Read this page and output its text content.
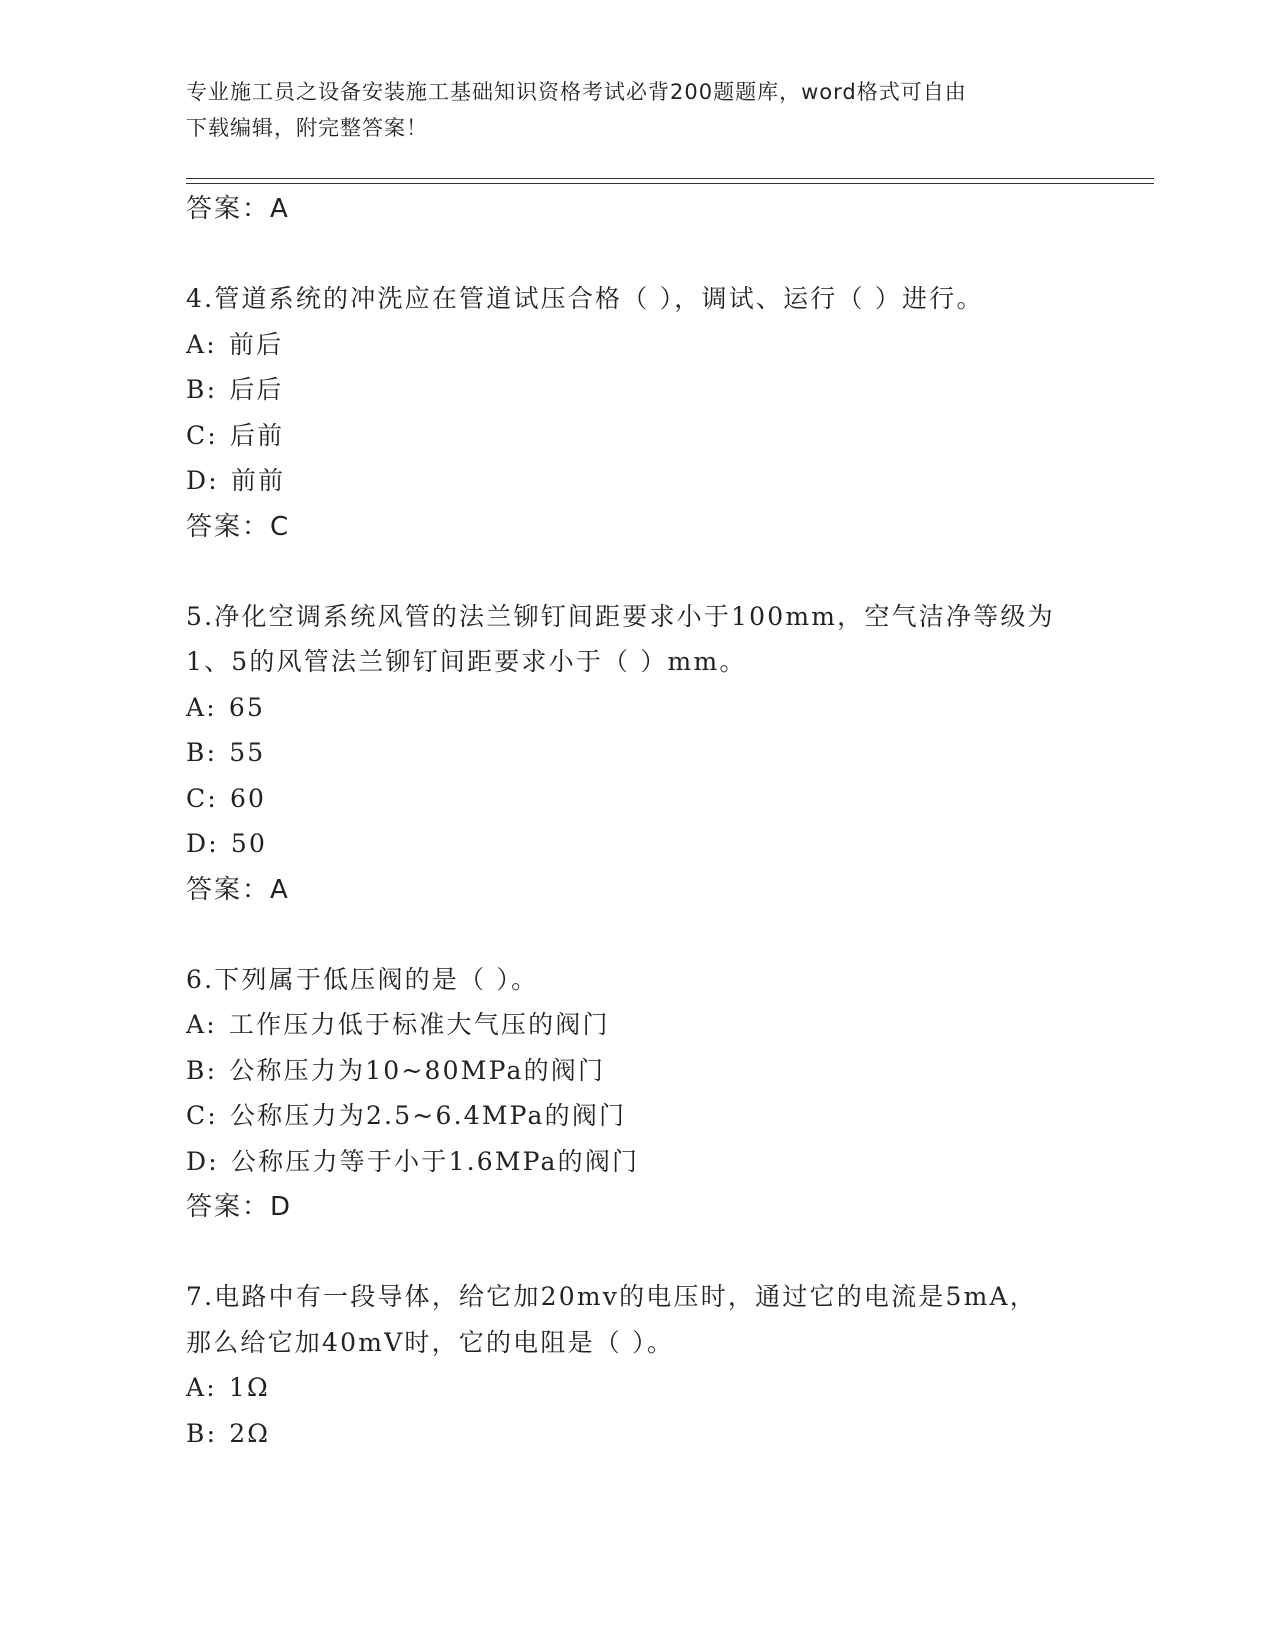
专业施工员之设备安装施工基础知识资格考试必背200题题库，word格式可自由
下载编辑，附完整答案！
答案：A
4.管道系统的冲洗应在管道试压合格（ ），调试、运行（ ）进行。
A: 前后
B: 后后
C: 后前
D: 前前
答案：C
5.净化空调系统风管的法兰铆钉间距要求小于100mm，空气洁净等级为
1、5的风管法兰铆钉间距要求小于（ ）mm。
A: 65
B: 55
C: 60
D: 50
答案：A
6.下列属于低压阀的是（ ）。
A: 工作压力低于标准大气压的阀门
B: 公称压力为10~80MPa的阀门
C: 公称压力为2.5~6.4MPa的阀门
D: 公称压力等于小于1.6MPa的阀门
答案：D
7.电路中有一段导体，给它加20mv的电压时，通过它的电流是5mA，
那么给它加40mV时，它的电阻是（ ）。
A: 1Ω
B: 2Ω
